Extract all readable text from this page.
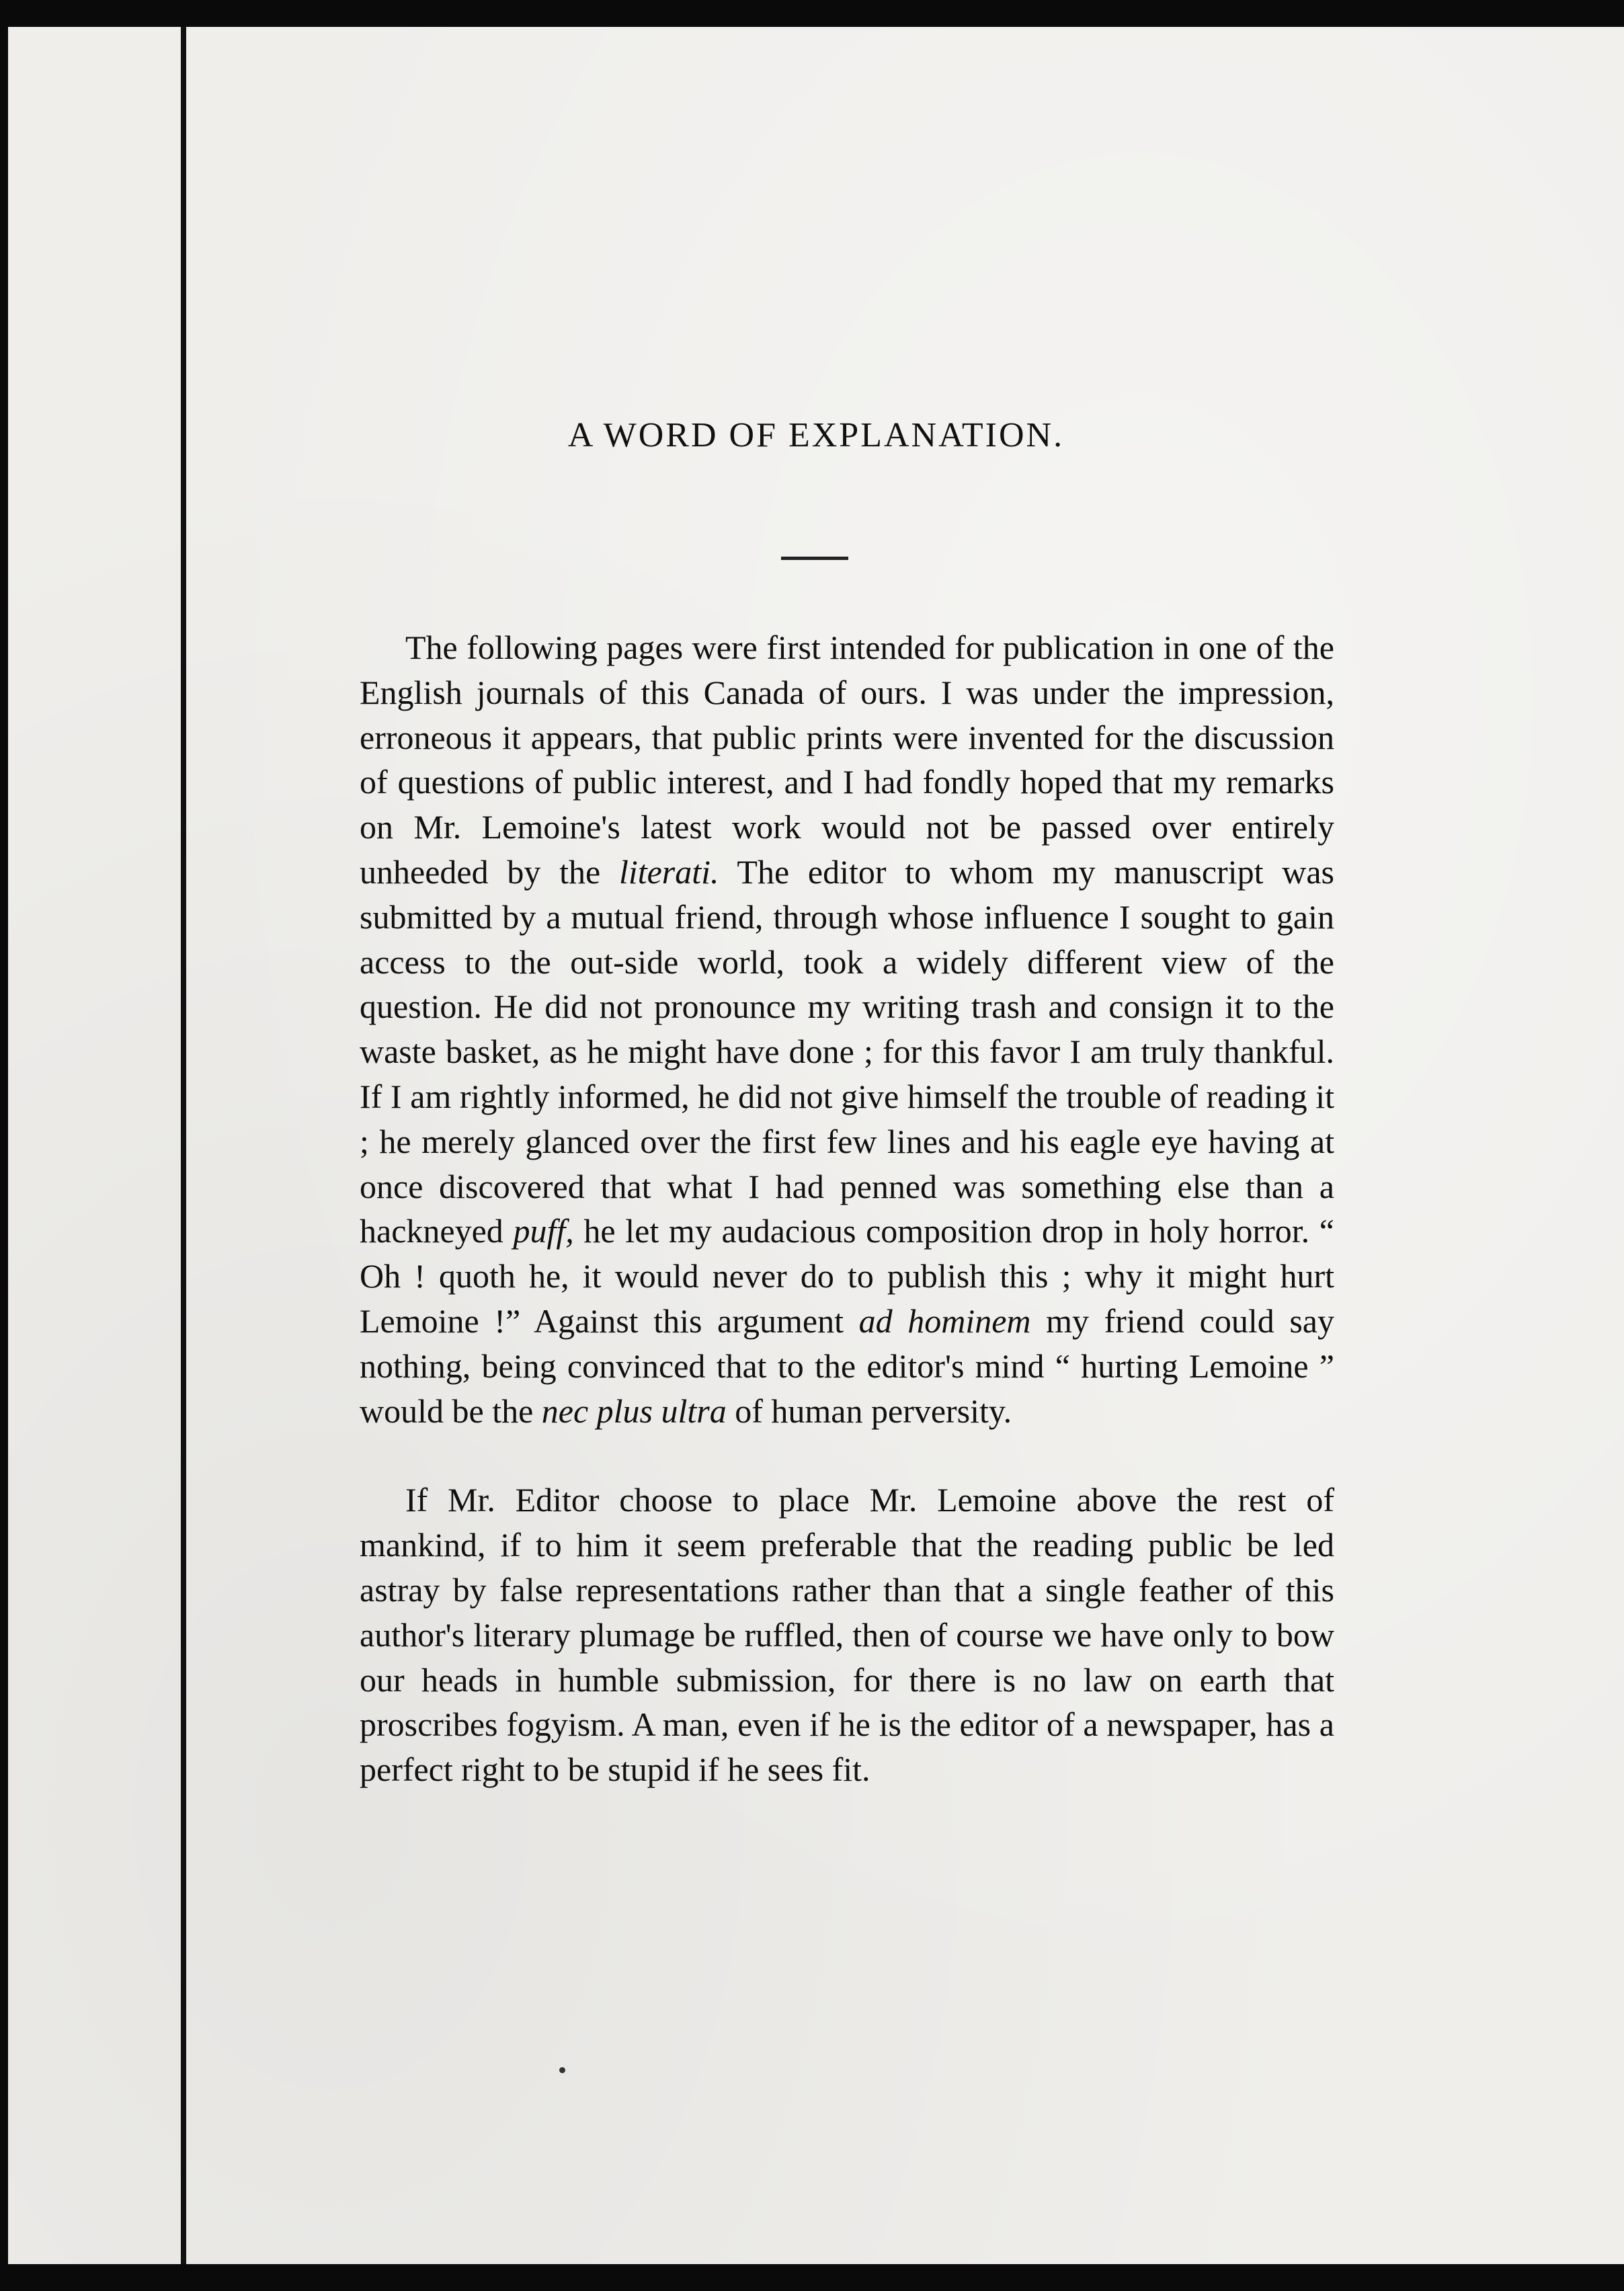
A WORD OF EXPLANATION.

The following pages were first intended for publication in one of the English journals of this Canada of ours. I was under the impression, erroneous it appears, that public prints were invented for the discussion of questions of public interest, and I had fondly hoped that my remarks on Mr. Lemoine's latest work would not be passed over entirely unheeded by the literati. The editor to whom my manuscript was submitted by a mutual friend, through whose influence I sought to gain access to the out-side world, took a widely different view of the question. He did not pronounce my writing trash and consign it to the waste basket, as he might have done ; for this favor I am truly thankful. If I am rightly informed, he did not give himself the trouble of reading it ; he merely glanced over the first few lines and his eagle eye having at once discovered that what I had penned was something else than a hackneyed puff, he let my audacious composition drop in holy horror. “ Oh ! quoth he, it would never do to publish this ; why it might hurt Lemoine !” Against this argument ad hominem my friend could say nothing, being convinced that to the editor's mind “ hurting Lemoine ” would be the nec plus ultra of human perversity.

If Mr. Editor choose to place Mr. Lemoine above the rest of mankind, if to him it seem preferable that the reading public be led astray by false representations rather than that a single feather of this author's literary plumage be ruffled, then of course we have only to bow our heads in humble submission, for there is no law on earth that proscribes fogyism. A man, even if he is the editor of a newspaper, has a perfect right to be stupid if he sees fit.
